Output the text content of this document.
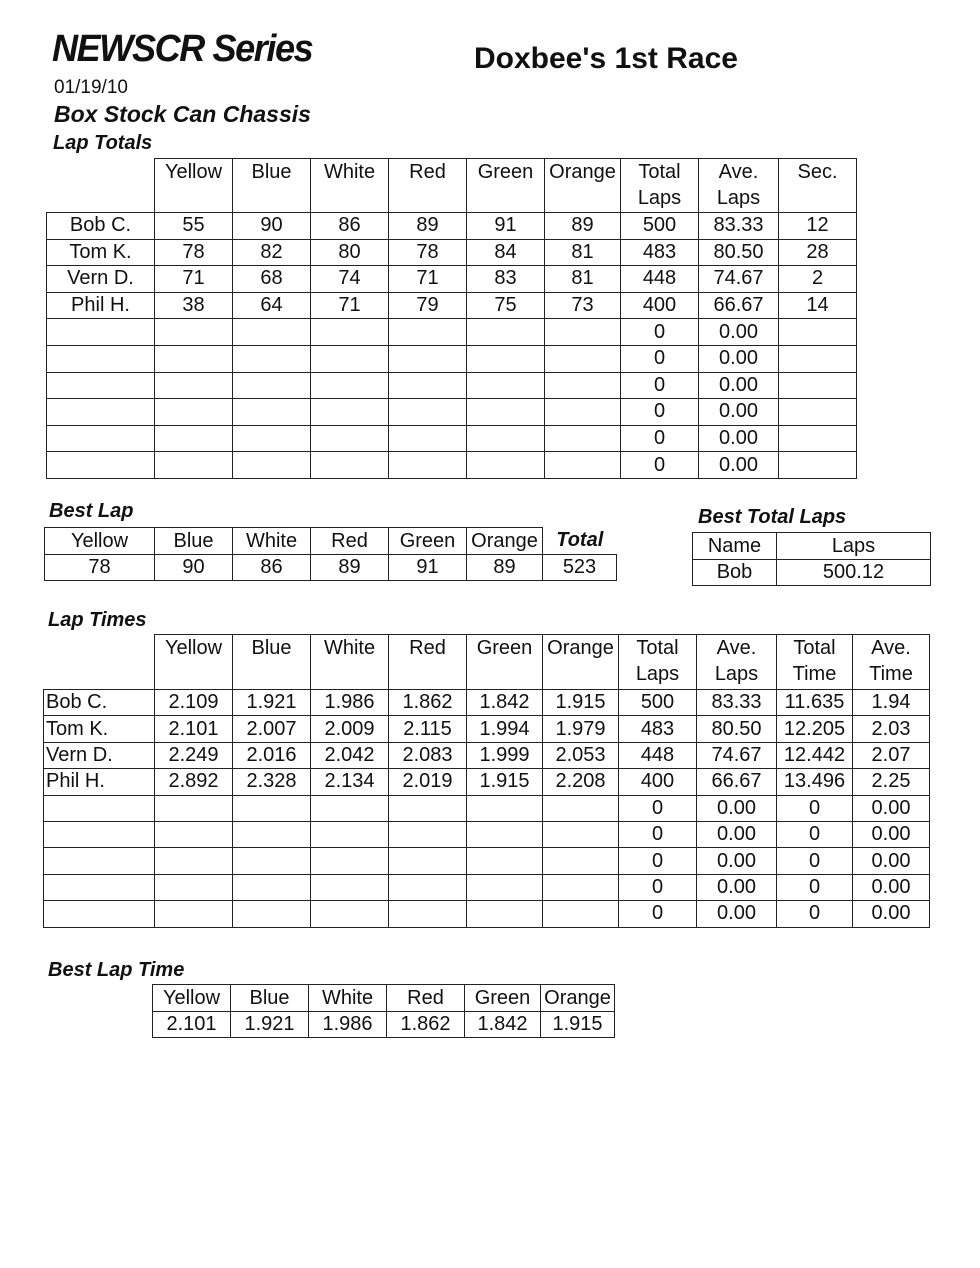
NEWSCR Series	Doxbee's 1st Race
01/19/10
Box Stock Can Chassis
Lap Totals
	Yellow	Blue	White	Red	Green	Orange	Total Laps	Ave. Laps	Sec.
Bob C.	55	90	86	89	91	89	500	83.33	12
Tom K.	78	82	80	78	84	81	483	80.50	28
Vern D.	71	68	74	71	83	81	448	74.67	2
Phil H.	38	64	71	79	75	73	400	66.67	14
							0	0.00	
							0	0.00	
							0	0.00	
							0	0.00	
							0	0.00	
							0	0.00	
Best Lap
Yellow	Blue	White	Red	Green	Orange	Total
78	90	86	89	91	89	523
Best Total Laps
Name	Laps
Bob	500.12
Lap Times
	Yellow	Blue	White	Red	Green	Orange	Total Laps	Ave. Laps	Total Time	Ave. Time
Bob C.	2.109	1.921	1.986	1.862	1.842	1.915	500	83.33	11.635	1.94
Tom K.	2.101	2.007	2.009	2.115	1.994	1.979	483	80.50	12.205	2.03
Vern D.	2.249	2.016	2.042	2.083	1.999	2.053	448	74.67	12.442	2.07
Phil H.	2.892	2.328	2.134	2.019	1.915	2.208	400	66.67	13.496	2.25
							0	0.00	0	0.00
							0	0.00	0	0.00
							0	0.00	0	0.00
							0	0.00	0	0.00
							0	0.00	0	0.00
Best Lap Time
Yellow	Blue	White	Red	Green	Orange
2.101	1.921	1.986	1.862	1.842	1.915
